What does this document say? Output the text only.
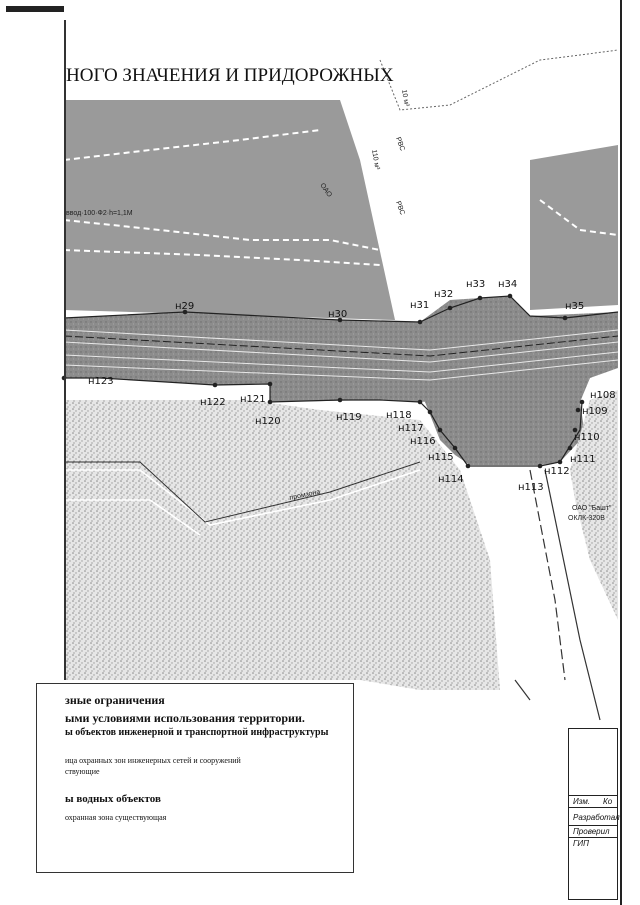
НОГО ЗНАЧЕНИЯ И ПРИДОРОЖНЫХ
н29
н30
н31
н32
н33 н34
н35
н123
н122 н121
н120	н119 н118
н117
н116
н115
н114
н113
н112
н111
н110
н109
н108
ОАО
промзона
РВС
РВС
10 м³
110 м³
ввод·100·Ф2·h=1,1М
ОАО "Башт"
ОКЛК-320В
зные ограничения
ыми условиями использования территории.
ы объектов инженерной и транспортной инфраструктуры
ица охранных зон инженерных сетей и сооружений
ствующие
ы водных объектов
охранная зона существующая
Изм. Ко
Разработал
Проверил
ГИП
